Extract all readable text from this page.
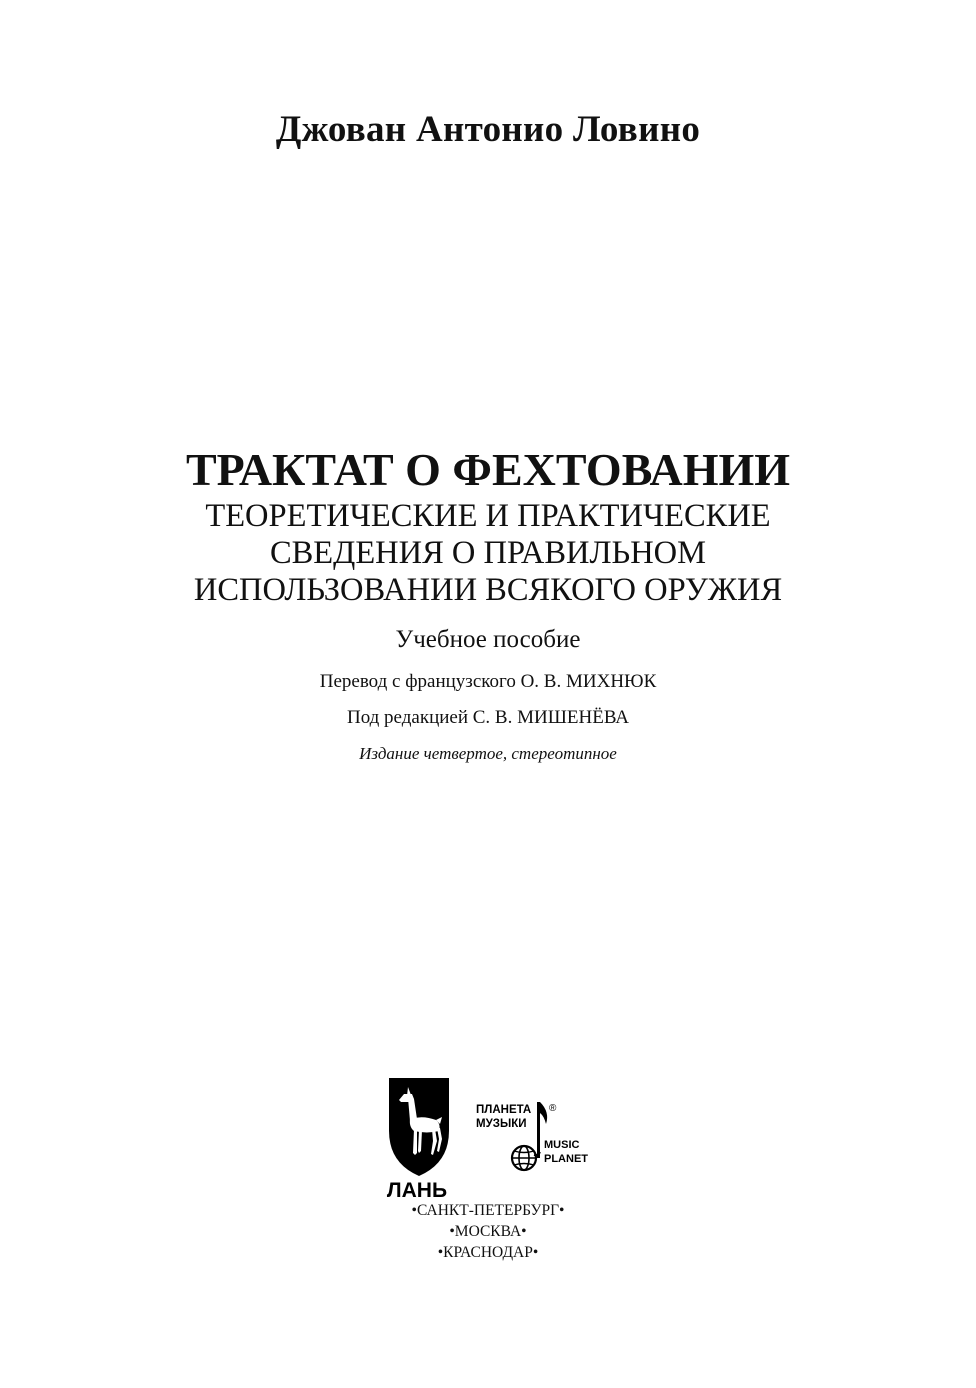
Джован Антонио Ловино
ТРАКТАТ О ФЕХТОВАНИИ
ТЕОРЕТИЧЕСКИЕ И ПРАКТИЧЕСКИЕ
СВЕДЕНИЯ О ПРАВИЛЬНОМ
ИСПОЛЬЗОВАНИИ ВСЯКОГО ОРУЖИЯ
Учебное пособие
Перевод с французского О. В. МИХНЮК
Под редакцией С. В. МИШЕНЁВА
Издание четвертое, стереотипное
ЛАНЬ
ПЛАНЕТА
МУЗЫКИ
MUSIC
PLANET
®
•САНКТ-ПЕТЕРБУРГ•
•МОСКВА•
•КРАСНОДАР•
